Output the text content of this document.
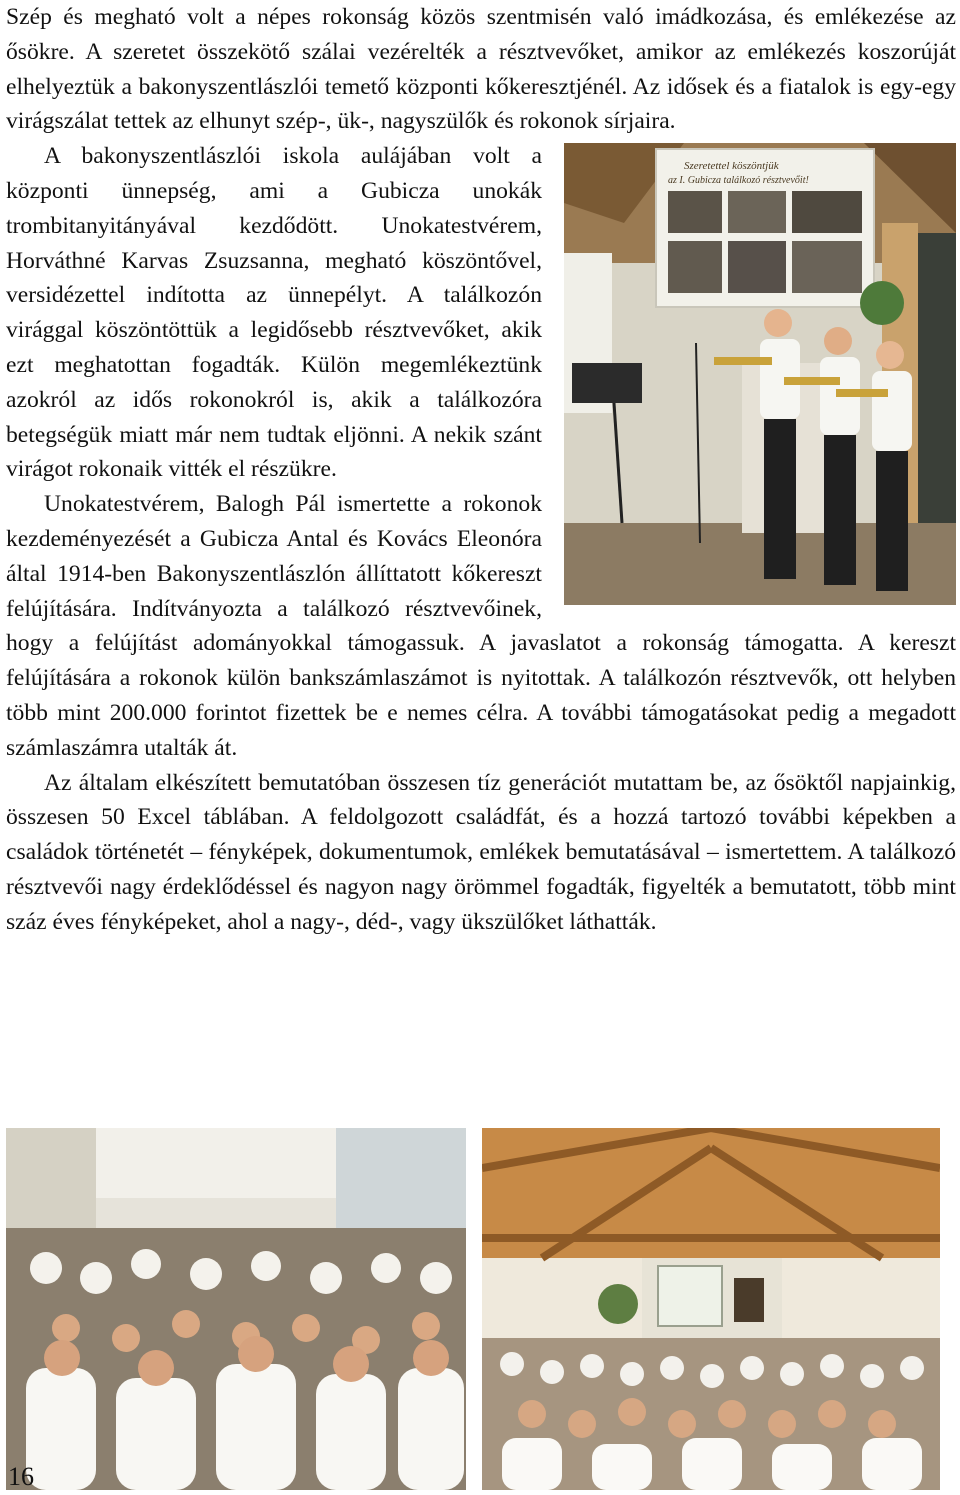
Szép és megható volt a népes rokonság közös szentmisén való imádkozása, és emlékezése az ősökre. A szeretet összekötő szálai vezérelték a résztvevőket, amikor az emlékezés koszorúját elhelyeztük a bakonyszentlászlói temető központi kőkeresztjénél. Az idősek és a fiatalok is egy-egy virágszálat tettek az elhunyt szép-, ük-, nagyszülők és rokonok sírjaira.

Szeretettel köszöntjük
az I. Gubicza találkozó résztvevőit!

A bakonyszentlászlói iskola aulájában volt a központi ünnepség, ami a Gubicza unokák trombitanyitányával kezdődött. Unokatestvérem, Horváthné Karvas Zsuzsanna, megható köszöntővel, versidézettel indította az ünnepélyt. A találkozón virággal köszöntöttük a legidősebb résztvevőket, akik ezt meghatottan fogadták. Külön megemlékeztünk azokról az idős rokonokról is, akik a találkozóra betegségük miatt már nem tudtak eljönni. A nekik szánt virágot rokonaik vitték el részükre.

Unokatestvérem, Balogh Pál ismertette a rokonok kezdeményezését a Gubicza Antal és Kovács Eleonóra által 1914-ben Bakonyszentlászlón állíttatott kőkereszt felújítására. Indítványozta a találkozó résztvevőinek, hogy a felújítást adományokkal támogassuk. A javaslatot a rokonság támogatta. A kereszt felújítására a rokonok külön bankszámlaszámot is nyitottak. A találkozón résztvevők, ott helyben több mint 200.000 forintot fizettek be e nemes célra. A további támogatásokat pedig a megadott számlaszámra utalták át.

Az általam elkészített bemutatóban összesen tíz generációt mutattam be, az ősöktől napjainkig, összesen 50 Excel táblában. A feldolgozott családfát, és a hozzá tartozó további képekben a családok történetét – fényképek, dokumentumok, emlékek bemutatásával – ismertettem. A találkozó résztvevői nagy érdeklődéssel és nagyon nagy örömmel fogadták, figyelték a bemutatott, több mint száz éves fényképeket, ahol a nagy-, déd-, vagy ükszülőket láthatták.

16
